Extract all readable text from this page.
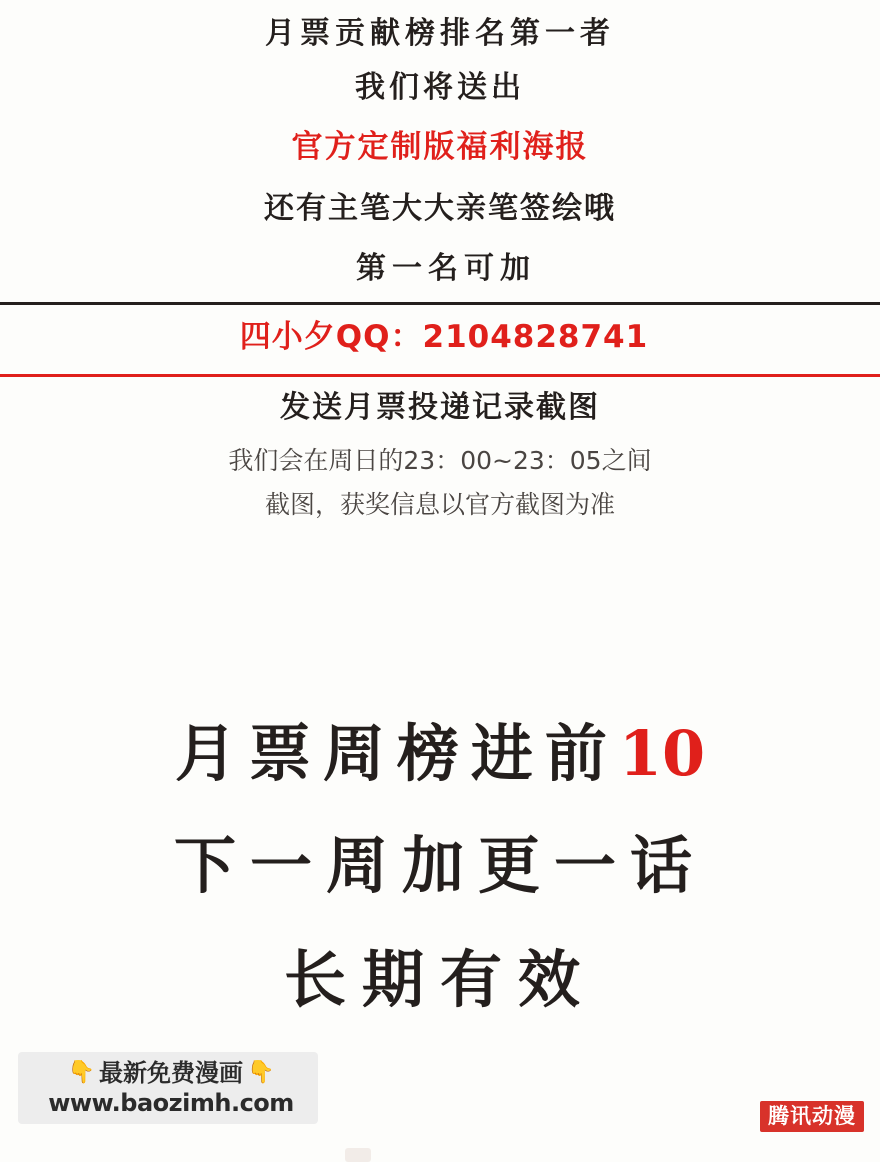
月票贡献榜排名第一者
我们将送出
官方定制版福利海报
还有主笔大大亲笔签绘哦
第一名可加
四小夕QQ：2104828741
发送月票投递记录截图
我们会在周日的23：00~23：05之间
截图，获奖信息以官方截图为准
月票周榜进前10
下一周加更一话
长期有效
👇 最新免费漫画 👇
www.baozimh.com	腾讯动漫
